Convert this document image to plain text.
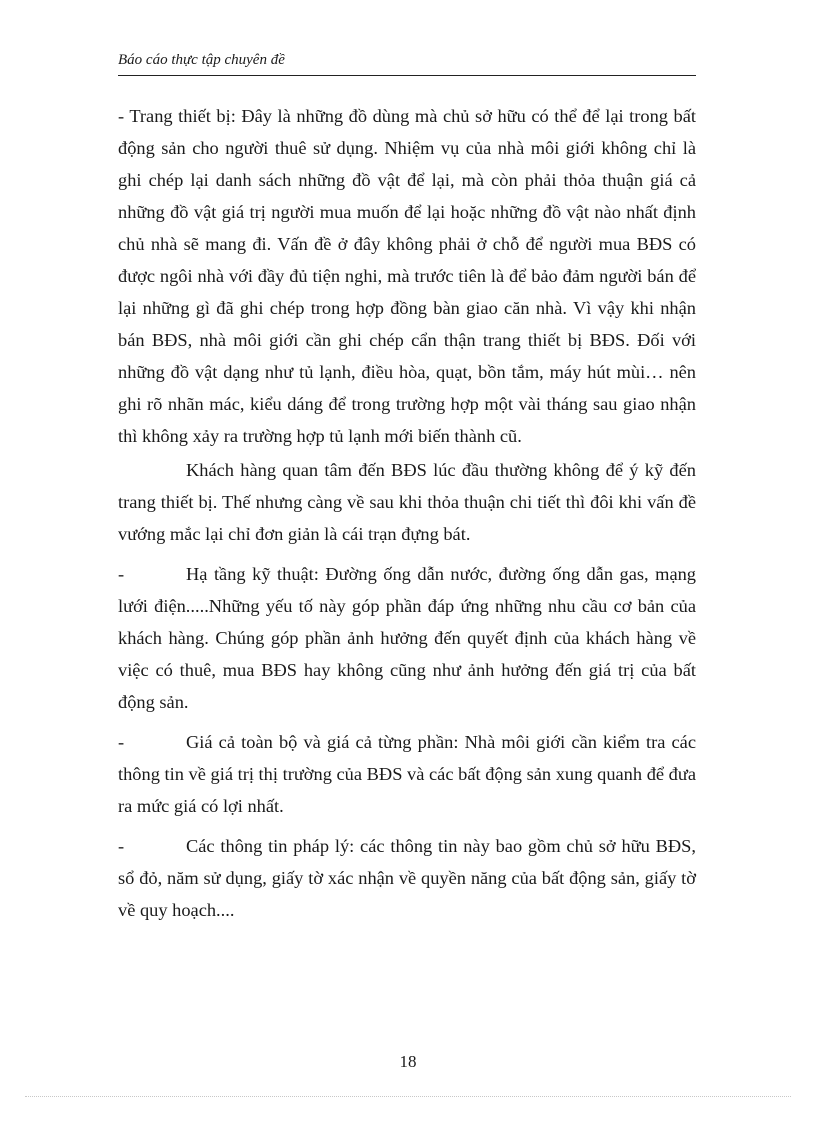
Báo cáo thực tập chuyên đề

- Trang thiết bị: Đây là những đồ dùng mà chủ sở hữu có thể để lại trong bất động sản cho người thuê sử dụng. Nhiệm vụ của nhà môi giới không chỉ là ghi chép lại danh sách những đồ vật để lại, mà còn phải thỏa thuận giá cả những đồ vật giá trị người mua muốn để lại hoặc những đồ vật nào nhất định chủ nhà sẽ mang đi. Vấn đề ở đây không phải ở chỗ để người mua BĐS có được ngôi nhà với đầy đủ tiện nghi, mà trước tiên là để bảo đảm người bán để lại những gì đã ghi chép trong hợp đồng bàn giao căn nhà. Vì vậy khi nhận bán BĐS, nhà môi giới cần ghi chép cẩn thận trang thiết bị BĐS. Đối với những đồ vật dạng như tủ lạnh, điều hòa, quạt, bồn tắm, máy hút mùi… nên ghi rõ nhãn mác, kiểu dáng để trong trường hợp một vài tháng sau giao nhận thì không xảy ra trường hợp tủ lạnh mới biến thành cũ.

Khách hàng quan tâm đến BĐS lúc đầu thường không để ý kỹ đến trang thiết bị. Thế nhưng càng về sau khi thỏa thuận chi tiết thì đôi khi vấn đề vướng mắc lại chỉ đơn giản là cái trạn đựng bát.

-	Hạ tầng kỹ thuật: Đường ống dẫn nước, đường ống dẫn gas, mạng lưới điện.....Những yếu tố này góp phần đáp ứng những nhu cầu cơ bản của khách hàng. Chúng góp phần ảnh hưởng đến quyết định của khách hàng về việc có thuê, mua BĐS hay không cũng như ảnh hưởng đến giá trị của bất động sản.

-	Giá cả toàn bộ và giá cả từng phần: Nhà môi giới cần kiểm tra các thông tin về giá trị thị trường của BĐS và các bất động sản xung quanh để đưa ra mức giá có lợi nhất.

-	Các thông tin pháp lý: các thông tin này bao gồm chủ sở hữu BĐS, sổ đỏ, năm sử dụng, giấy tờ xác nhận về quyền năng của bất động sản, giấy tờ về quy hoạch....

18
